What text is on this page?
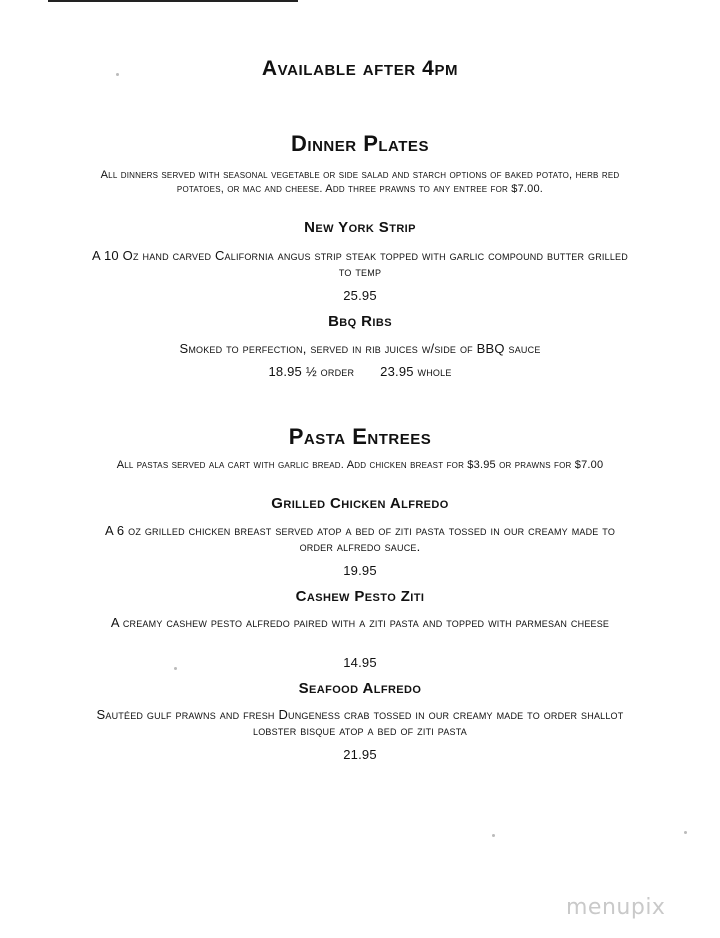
Available after 4pm
Dinner Plates
All dinners served with seasonal vegetable or side salad and starch options of baked potato, herb red potatoes, or mac and cheese. Add three prawns to any entree for $7.00.
New York Strip
A 10 Oz hand carved California angus strip steak topped with garlic compound butter grilled to temp
25.95
Bbq Ribs
Smoked to perfection, served in rib juices w/side of BBQ sauce
18.95 ½ order 23.95 whole
Pasta Entrees
All pastas served ala cart with garlic bread. Add chicken breast for $3.95 or prawns for $7.00
Grilled Chicken Alfredo
A 6 oz grilled chicken breast served atop a bed of ziti pasta tossed in our creamy made to order alfredo sauce.
19.95
Cashew Pesto Ziti
A creamy cashew pesto alfredo paired with a ziti pasta and topped with parmesan cheese
14.95
Seafood Alfredo
Sautéed gulf prawns and fresh Dungeness crab tossed in our creamy made to order shallot lobster bisque atop a bed of ziti pasta
21.95
menupix
